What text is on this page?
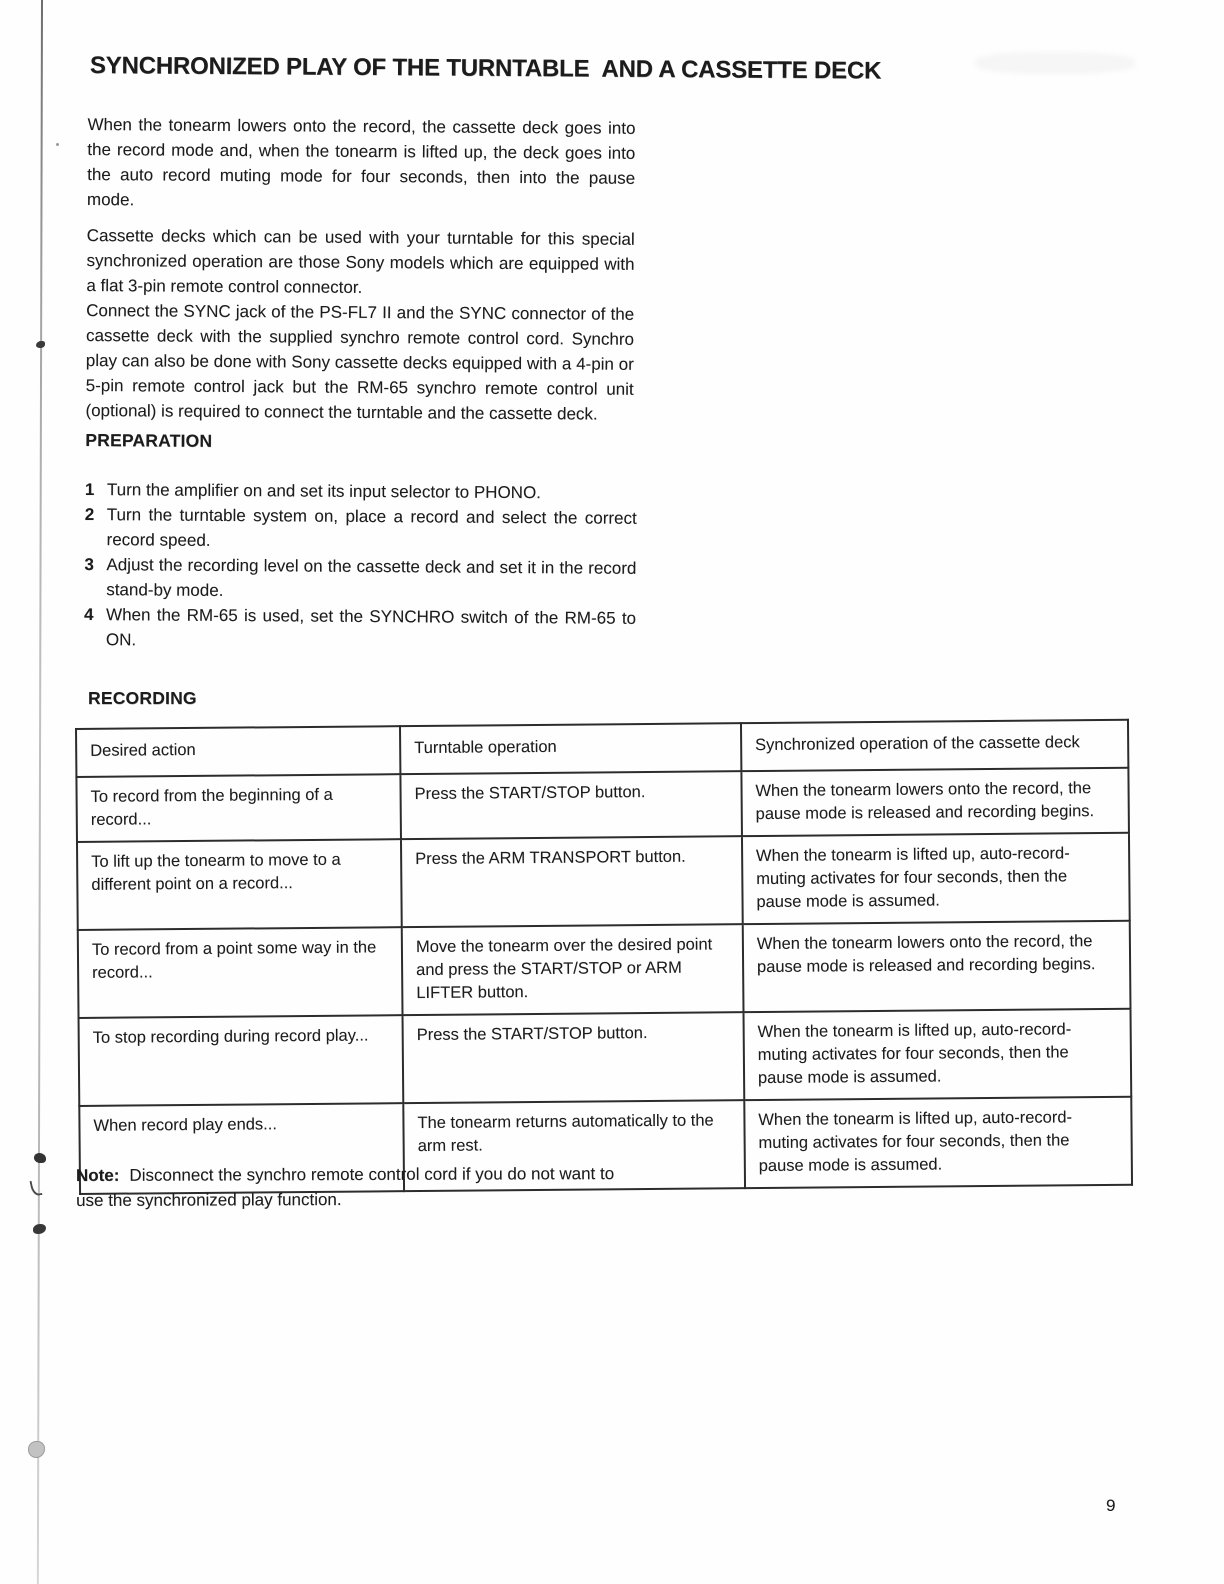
SYNCHRONIZED PLAY OF THE TURNTABLE  AND A CASSETTE DECK

When the tonearm lowers onto the record, the cassette deck goes into the record mode and, when the tonearm is lifted up, the deck goes into the auto record muting mode for four seconds, then into the pause mode.

Cassette decks which can be used with your turntable for this special synchronized operation are those Sony models which are equipped with a flat 3-pin remote control connector.

Connect the SYNC jack of the PS-FL7 II and the SYNC connector of the cassette deck with the supplied synchro remote control cord. Synchro play can also be done with Sony cassette decks equipped with a 4-pin or 5-pin remote control jack but the RM-65 synchro remote control unit (optional) is required to connect the turntable and the cassette deck.

PREPARATION
1 Turn the amplifier on and set its input selector to PHONO.
2 Turn the turntable system on, place a record and select the correct record speed.
3 Adjust the recording level on the cassette deck and set it in the record stand-by mode.
4 When the RM-65 is used, set the SYNCHRO switch of the RM-65 to ON.
RECORDING
Desired action	Turntable operation	Synchronized operation of the cassette deck
To record from the beginning of a record...	Press the START/STOP button.	When the tonearm lowers onto the record, the pause mode is released and recording begins.
To lift up the tonearm to move to a different point on a record...	Press the ARM TRANSPORT button.	When the tonearm is lifted up, auto-record-muting activates for four seconds, then the pause mode is assumed.
To record from a point some way in the record...	Move the tonearm over the desired point and press the START/STOP or ARM LIFTER button.	When the tonearm lowers onto the record, the pause mode is released and recording begins.
To stop recording during record play...	Press the START/STOP button.	When the tonearm is lifted up, auto-record-muting activates for four seconds, then the pause mode is assumed.
When record play ends...	The tonearm returns automatically to the arm rest.	When the tonearm is lifted up, auto-record-muting activates for four seconds, then the pause mode is assumed.
Note: Disconnect the synchro remote control cord if you do not want to use the synchronized play function.
9
